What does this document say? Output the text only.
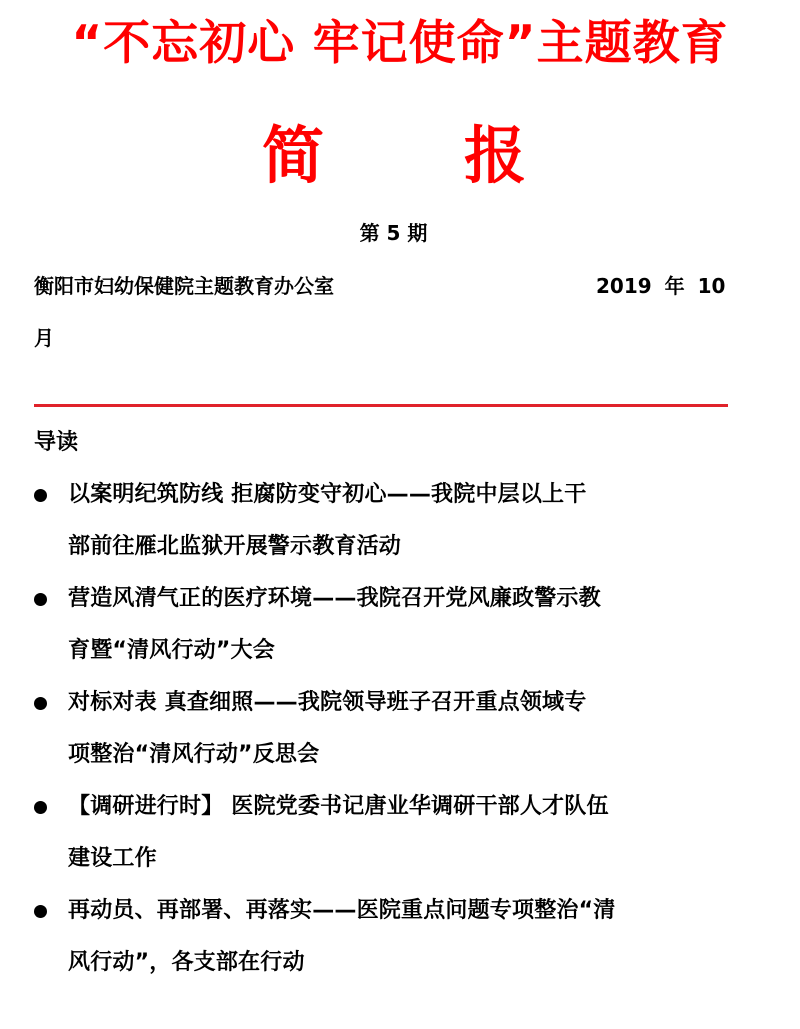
“不忘初心 牢记使命”主题教育
简 报
第 5 期
衡阳市妇幼保健院主题教育办公室	2019 年 10
月
导读
以案明纪筑防线 拒腐防变守初心——我院中层以上干
部前往雁北监狱开展警示教育活动
营造风清气正的医疗环境——我院召开党风廉政警示教
育暨“清风行动”大会
对标对表 真查细照——我院领导班子召开重点领域专
项整治“清风行动”反思会
【调研进行时】 医院党委书记唐业华调研干部人才队伍
建设工作
再动员、再部署、再落实——医院重点问题专项整治“清
风行动”，各支部在行动
